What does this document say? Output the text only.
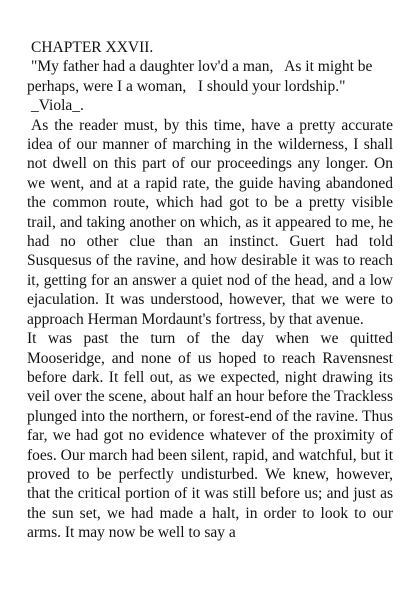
CHAPTER XXVII.

"My father had a daughter lov'd a man,   As it might be perhaps, were I a woman,   I should your lordship."

_Viola_.

As the reader must, by this time, have a pretty accurate idea of our manner of marching in the wilderness, I shall not dwell on this part of our proceedings any longer. On we went, and at a rapid rate, the guide having abandoned the common route, which had got to be a pretty visible trail, and taking another on which, as it appeared to me, he had no other clue than an instinct. Guert had told Susquesus of the ravine, and how desirable it was to reach it, getting for an answer a quiet nod of the head, and a low ejaculation. It was understood, however, that we were to approach Herman Mordaunt's fortress, by that avenue.

It was past the turn of the day when we quitted Mooseridge, and none of us hoped to reach Ravensnest before dark. It fell out, as we expected, night drawing its veil over the scene, about half an hour before the Trackless plunged into the northern, or forest-end of the ravine. Thus far, we had got no evidence whatever of the proximity of foes. Our march had been silent, rapid, and watchful, but it proved to be perfectly undisturbed. We knew, however, that the critical portion of it was still before us; and just as the sun set, we had made a halt, in order to look to our arms. It may now be well to say a
